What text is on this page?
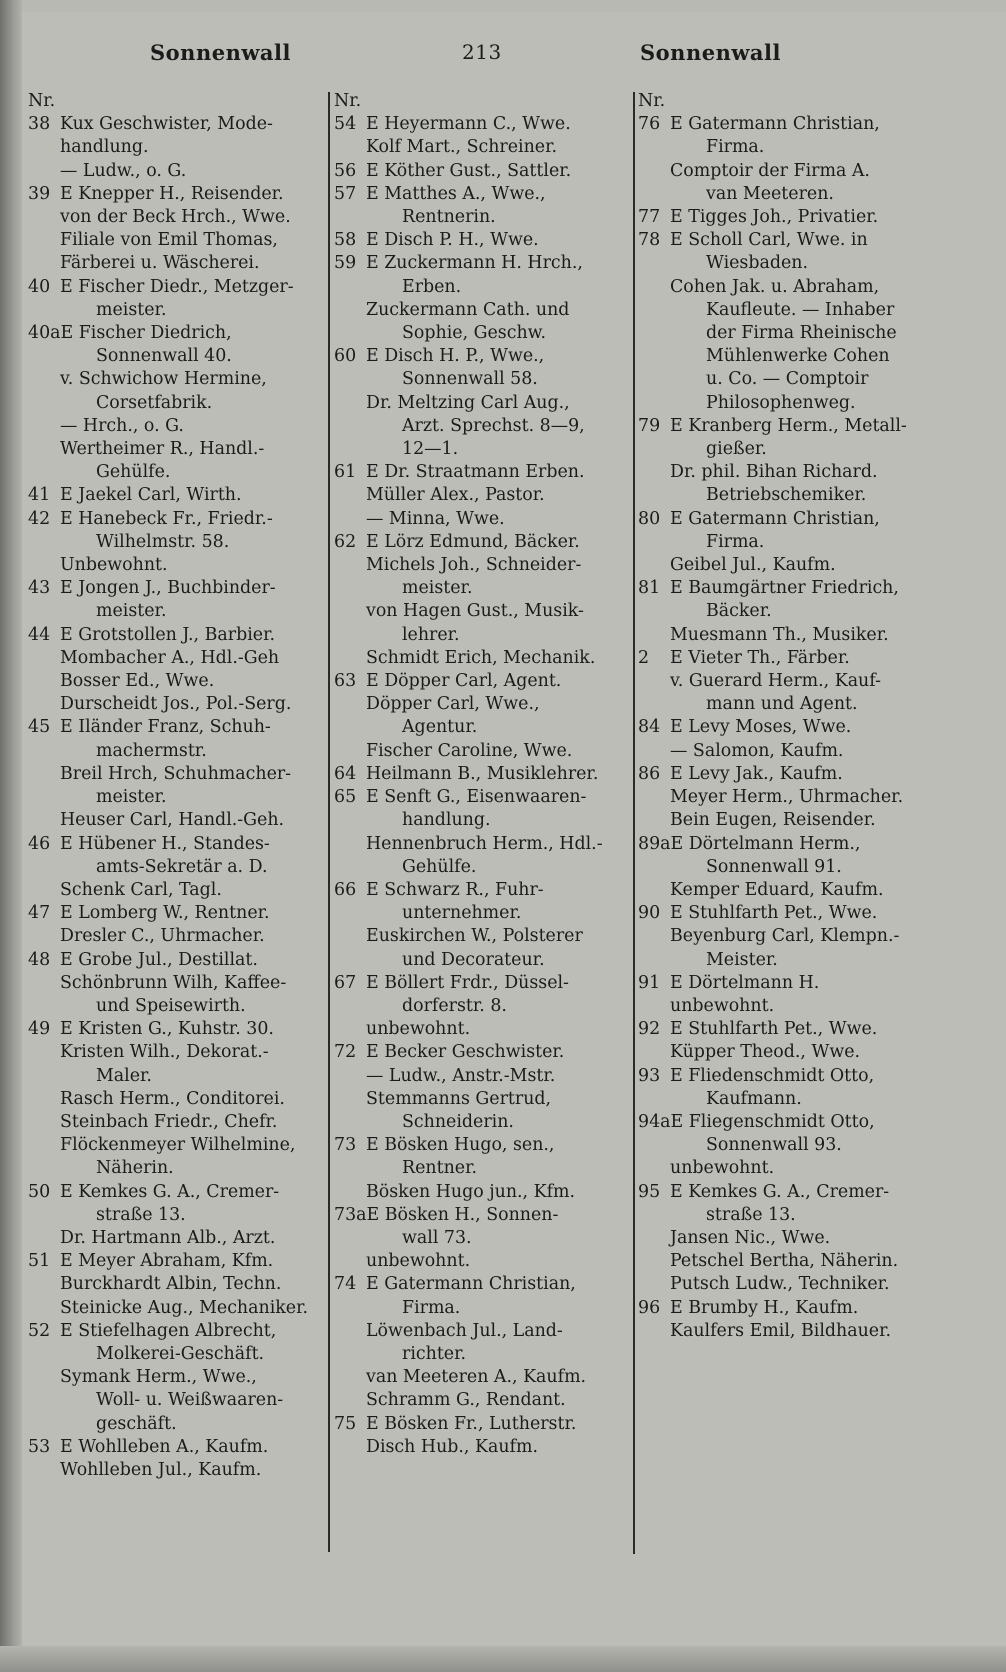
Sonnenwall	213	Sonnenwall
Nr.
38 Kux Geschwister, Mode-
handlung.
— Ludw., o. G.
39 E Knepper H., Reisender.
von der Beck Hrch., Wwe.
Filiale von Emil Thomas,
Färberei u. Wäscherei.
40 E Fischer Diedr., Metzger-
meister.
40a E Fischer Diedrich,
Sonnenwall 40.
v. Schwichow Hermine,
Corsetfabrik.
— Hrch., o. G.
Wertheimer R., Handl.-
Gehülfe.
41 E Jaekel Carl, Wirth.
42 E Hanebeck Fr., Friedr.-
Wilhelmstr. 58.
Unbewohnt.
43 E Jongen J., Buchbinder-
meister.
44 E Grotstollen J., Barbier.
Mombacher A., Hdl.-Geh
Bosser Ed., Wwe.
Durscheidt Jos., Pol.-Serg.
45 E Iländer Franz, Schuh-
machermstr.
Breil Hrch, Schuhmacher-
meister.
Heuser Carl, Handl.-Geh.
46 E Hübener H., Standes-
amts-Sekretär a. D.
Schenk Carl, Tagl.
47 E Lomberg W., Rentner.
Dresler C., Uhrmacher.
48 E Grobe Jul., Destillat.
Schönbrunn Wilh, Kaffee-
und Speisewirth.
49 E Kristen G., Kuhstr. 30.
Kristen Wilh., Dekorat.-
Maler.
Rasch Herm., Conditorei.
Steinbach Friedr., Chefr.
Flöckenmeyer Wilhelmine,
Näherin.
50 E Kemkes G. A., Cremer-
straße 13.
Dr. Hartmann Alb., Arzt.
51 E Meyer Abraham, Kfm.
Burckhardt Albin, Techn.
Steinicke Aug., Mechaniker.
52 E Stiefelhagen Albrecht,
Molkerei-Geschäft.
Symank Herm., Wwe.,
Woll- u. Weißwaaren-
geschäft.
53 E Wohlleben A., Kaufm.
Wohlleben Jul., Kaufm.
Nr.
54 E Heyermann C., Wwe.
Kolf Mart., Schreiner.
56 E Köther Gust., Sattler.
57 E Matthes A., Wwe.,
Rentnerin.
58 E Disch P. H., Wwe.
59 E Zuckermann H. Hrch.,
Erben.
Zuckermann Cath. und
Sophie, Geschw.
60 E Disch H. P., Wwe.,
Sonnenwall 58.
Dr. Meltzing Carl Aug.,
Arzt. Sprechst. 8—9,
12—1.
61 E Dr. Straatmann Erben.
Müller Alex., Pastor.
— Minna, Wwe.
62 E Lörz Edmund, Bäcker.
Michels Joh., Schneider-
meister.
von Hagen Gust., Musik-
lehrer.
Schmidt Erich, Mechanik.
63 E Döpper Carl, Agent.
Döpper Carl, Wwe.,
Agentur.
Fischer Caroline, Wwe.
64 Heilmann B., Musiklehrer.
65 E Senft G., Eisenwaaren-
handlung.
Hennenbruch Herm., Hdl.-
Gehülfe.
66 E Schwarz R., Fuhr-
unternehmer.
Euskirchen W., Polsterer
und Decorateur.
67 E Böllert Frdr., Düssel-
dorferstr. 8.
unbewohnt.
72 E Becker Geschwister.
— Ludw., Anstr.-Mstr.
Stemmanns Gertrud,
Schneiderin.
73 E Bösken Hugo, sen.,
Rentner.
Bösken Hugo jun., Kfm.
73a E Bösken H., Sonnen-
wall 73.
unbewohnt.
74 E Gatermann Christian,
Firma.
Löwenbach Jul., Land-
richter.
van Meeteren A., Kaufm.
Schramm G., Rendant.
75 E Bösken Fr., Lutherstr.
Disch Hub., Kaufm.
Nr.
76 E Gatermann Christian,
Firma.
Comptoir der Firma A.
van Meeteren.
77 E Tigges Joh., Privatier.
78 E Scholl Carl, Wwe. in
Wiesbaden.
Cohen Jak. u. Abraham,
Kaufleute. — Inhaber
der Firma Rheinische
Mühlenwerke Cohen
u. Co. — Comptoir
Philosophenweg.
79 E Kranberg Herm., Metall-
gießer.
Dr. phil. Bihan Richard.
Betriebschemiker.
80 E Gatermann Christian,
Firma.
Geibel Jul., Kaufm.
81 E Baumgärtner Friedrich,
Bäcker.
Muesmann Th., Musiker.
2	E Vieter Th., Färber.
v. Guerard Herm., Kauf-
mann und Agent.
84 E Levy Moses, Wwe.
— Salomon, Kaufm.
86 E Levy Jak., Kaufm.
Meyer Herm., Uhrmacher.
Bein Eugen, Reisender.
89a E Dörtelmann Herm.,
Sonnenwall 91.
Kemper Eduard, Kaufm.
90 E Stuhlfarth Pet., Wwe.
Beyenburg Carl, Klempn.-
Meister.
91 E Dörtelmann H.
unbewohnt.
92 E Stuhlfarth Pet., Wwe.
Küpper Theod., Wwe.
93 E Fliedenschmidt Otto,
Kaufmann.
94a E Fliegenschmidt Otto,
Sonnenwall 93.
unbewohnt.
95 E Kemkes G. A., Cremer-
straße 13.
Jansen Nic., Wwe.
Petschel Bertha, Näherin.
Putsch Ludw., Techniker.
96 E Brumby H., Kaufm.
Kaulfers Emil, Bildhauer.
